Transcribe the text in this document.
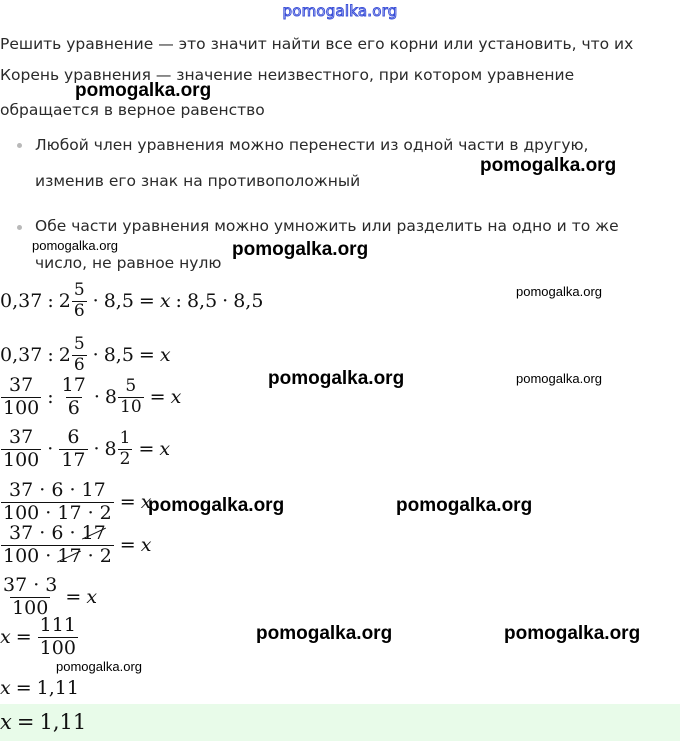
pomogalka.org
Решить уравнение — это значит найти все его корни или установить, что их
Корень уравнения — значение неизвестного, при котором уравнение
обращается в верное равенство
Любой член уравнения можно перенести из одной части в другую,
изменив его знак на противоположный
Обе части уравнения можно умножить или разделить на одно и то же
число, не равное нулю
0,37 : $2 \frac{5}{6} \cdot 8,5 = x$ : 8,5 · 8,5
0,37 : $2 \frac{5}{6} \cdot 8,5 = x$
$\frac{37}{100}$ : $\frac{17}{6} \cdot 8 \frac{5}{10} = x$
$\frac{37}{100} \cdot \frac{6}{17} \cdot 8 \frac{1}{2} = x$
$\frac{37 \cdot 6 \cdot 17}{100 \cdot 17 \cdot 2} = x$
$\frac{37 \cdot 6 \cdot 17}{100 \cdot 17 \cdot 2} = x$
$\frac{37 \cdot 3}{100} = x$
$x = \frac{111}{100}$
x = 1,11
x = 1,11
pomogalka.org
pomogalka.org
pomogalka.org	pomogalka.org
pomogalka.org
pomogalka.org	pomogalka.org
pomogalka.org	pomogalka.org
pomogalka.org	pomogalka.org
pomogalka.org
